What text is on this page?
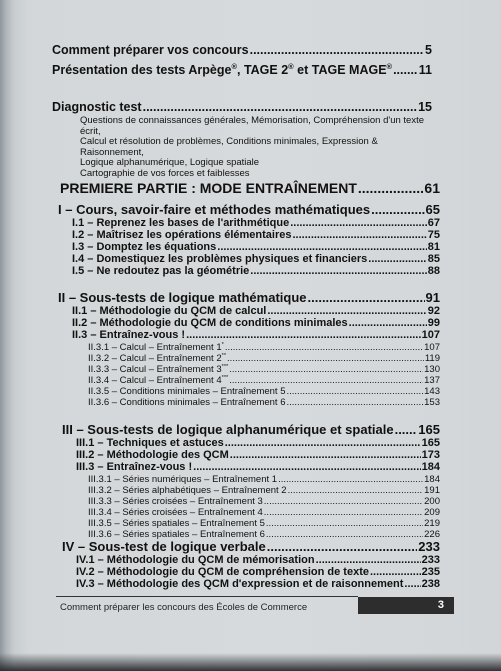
Comment préparer vos concours .....	5
Présentation des tests Arpège®, TAGE 2® et TAGE MAGE® ..... 11
Diagnostic test .....	15
Questions de connaissances générales, Mémorisation, Compréhension d'un texte écrit,
Calcul et résolution de problèmes, Conditions minimales, Expression & Raisonnement,
Logique alphanumérique, Logique spatiale
Cartographie de vos forces et faiblesses
PREMIERE PARTIE : MODE ENTRAÎNEMENT .....	61
I – Cours, savoir-faire et méthodes mathématiques .....	65
I.1 – Reprenez les bases de l'arithmétique .....	67
I.2 – Maîtrisez les opérations élémentaires .....	75
I.3 – Domptez les équations .....	81
I.4 – Domestiquez les problèmes physiques et financiers .....	85
I.5 – Ne redoutez pas la géométrie .....	88
II – Sous-tests de logique mathématique .....	91
II.1 – Méthodologie du QCM de calcul .....	92
II.2 – Méthodologie du QCM de conditions minimales .....	99
II.3 – Entraînez-vous ! .....	107
II.3.1 – Calcul – Entraînement 1* .....	107
II.3.2 – Calcul – Entraînement 2** .....	119
II.3.3 – Calcul – Entraînement 3*** .....	130
II.3.4 – Calcul – Entraînement 4*** .....	137
II.3.5 – Conditions minimales – Entraînement 5 .....	143
II.3.6 – Conditions minimales – Entraînement 6 .....	153
III – Sous-tests de logique alphanumérique et spatiale ..... 165
III.1 – Techniques et astuces .....	165
III.2 – Méthodologie des QCM .....	173
III.3 – Entraînez-vous ! .....	184
III.3.1 – Séries numériques – Entraînement 1 .....	184
III.3.2 – Séries alphabétiques – Entraînement 2 .....	191
III.3.3 – Séries croisées – Entraînement 3 .....	200
III.3.4 – Séries croisées – Entraînement 4 .....	209
III.3.5 – Séries spatiales – Entraînement 5 .....	219
III.3.6 – Séries spatiales – Entraînement 6 .....	226
IV – Sous-test de logique verbale .....	233
IV.1 – Méthodologie du QCM de mémorisation .....	233
IV.2 – Méthodologie du QCM de compréhension de texte .....	235
IV.3 – Méthodologie des QCM d'expression et de raisonnement ..... 238
Comment préparer les concours des Écoles de Commerce	3
